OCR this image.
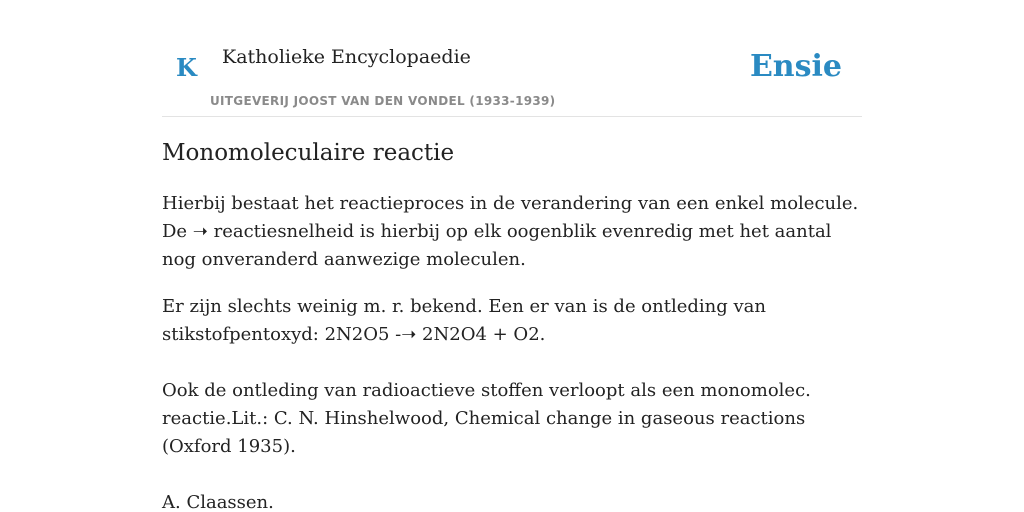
K Katholieke Encyclopaedie
UITGEVERIJ JOOST VAN DEN VONDEL (1933-1939)
Ensie
Monomoleculaire reactie

Hierbij bestaat het reactieproces in de verandering van een enkel molecule. De ➝ reactiesnelheid is hierbij op elk oogenblik evenredig met het aantal nog onveranderd aanwezige moleculen.

Er zijn slechts weinig m. r. bekend. Een er van is de ontleding van stikstofpentoxyd: 2N2O5 -➝ 2N2O4 + O2.

Ook de ontleding van radioactieve stoffen verloopt als een monomolec. reactie.Lit.: C. N. Hinshelwood, Chemical change in gaseous reactions (Oxford 1935).

A. Claassen.
